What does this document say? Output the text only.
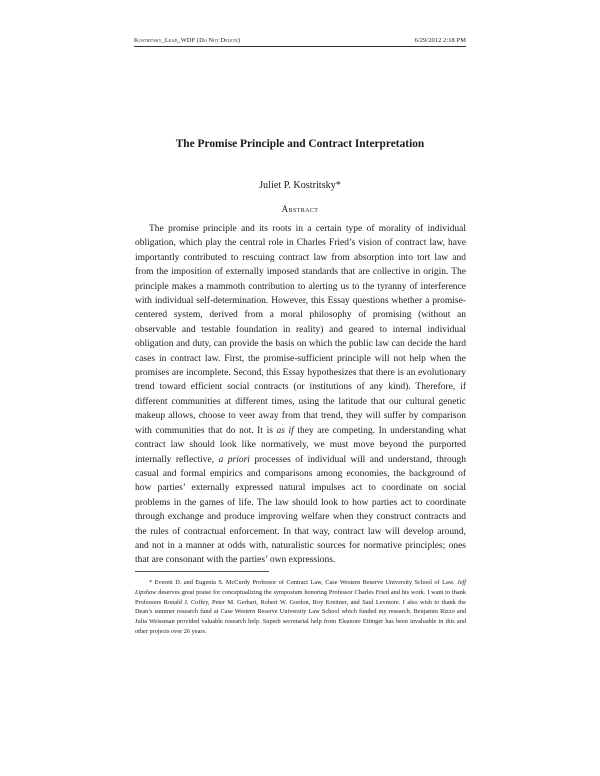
Kostritsky_Lead_WDF (Do Not Delete)	6/29/2012 2:18 PM
The Promise Principle and Contract Interpretation
Juliet P. Kostritsky*
Abstract

The promise principle and its roots in a certain type of morality of individual obligation, which play the central role in Charles Fried’s vision of contract law, have importantly contributed to rescuing contract law from absorption into tort law and from the imposition of externally imposed standards that are collective in origin. The principle makes a mammoth contribution to alerting us to the tyranny of interference with individual self-determination. However, this Essay questions whether a promise-centered system, derived from a moral philosophy of promising (without an observable and testable foundation in reality) and geared to internal individual obligation and duty, can provide the basis on which the public law can decide the hard cases in contract law. First, the promise-sufficient principle will not help when the promises are incomplete. Second, this Essay hypothesizes that there is an evolutionary trend toward efficient social contracts (or institutions of any kind). Therefore, if different communities at different times, using the latitude that our cultural genetic makeup allows, choose to veer away from that trend, they will suffer by comparison with communities that do not. It is as if they are competing. In understanding what contract law should look like normatively, we must move beyond the purported internally reflective, a priori processes of individual will and understand, through casual and formal empirics and comparisons among economies, the background of how parties’ externally expressed natural impulses act to coordinate on social problems in the games of life. The law should look to how parties act to coordinate through exchange and produce improving welfare when they construct contracts and the rules of contractual enforcement. In that way, contract law will develop around, and not in a manner at odds with, naturalistic sources for normative principles; ones that are consonant with the parties’ own expressions.

* Everett D. and Eugenia S. McCurdy Professor of Contract Law, Case Western Reserve University School of Law. Jeff Lipshaw deserves great praise for conceptualizing the symposium honoring Professor Charles Fried and his work. I want to thank Professors Ronald J. Coffey, Peter M. Gerhart, Robert W. Gordon, Roy Kreitner, and Saul Levmore. I also wish to thank the Dean’s summer research fund at Case Western Reserve University Law School which funded my research. Benjamin Rizzo and Julia Weissman provided valuable research help. Superb secretarial help from Eleanore Ettinger has been invaluable in this and other projects over 26 years.
